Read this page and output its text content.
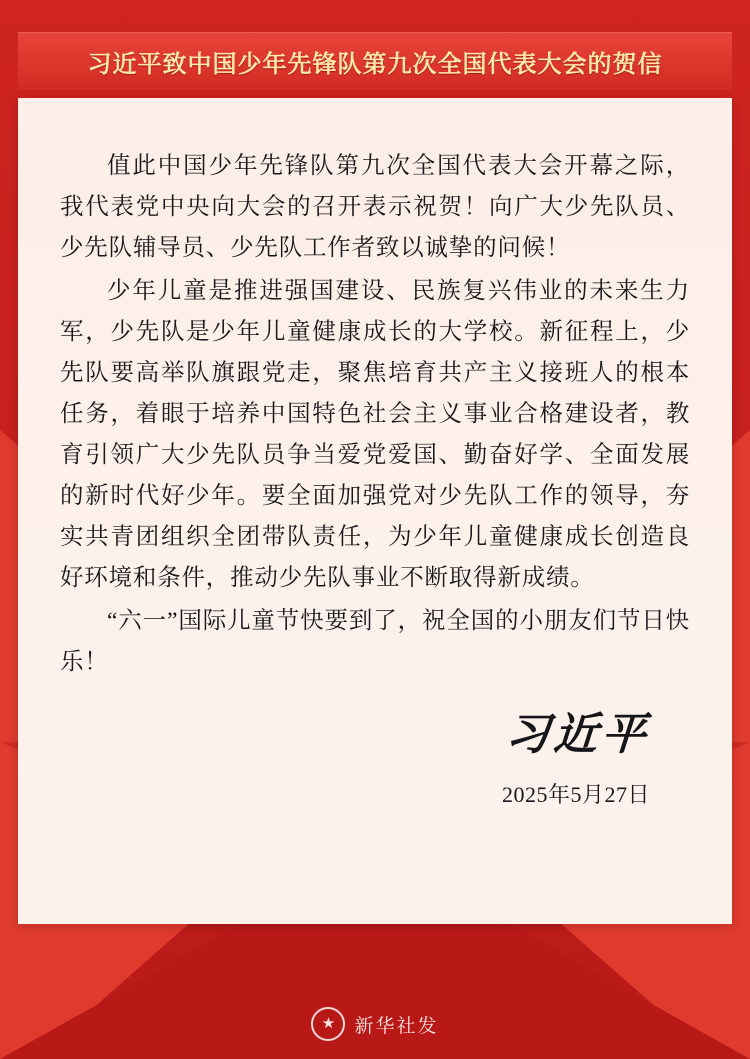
习近平致中国少年先锋队第九次全国代表大会的贺信

值此中国少年先锋队第九次全国代表大会开幕之际，我代表党中央向大会的召开表示祝贺！向广大少先队员、少先队辅导员、少先队工作者致以诚挚的问候！

少年儿童是推进强国建设、民族复兴伟业的未来生力军，少先队是少年儿童健康成长的大学校。新征程上，少先队要高举队旗跟党走，聚焦培育共产主义接班人的根本任务，着眼于培养中国特色社会主义事业合格建设者，教育引领广大少先队员争当爱党爱国、勤奋好学、全面发展的新时代好少年。要全面加强党对少先队工作的领导，夯实共青团组织全团带队责任，为少年儿童健康成长创造良好环境和条件，推动少先队事业不断取得新成绩。

“六一”国际儿童节快要到了，祝全国的小朋友们节日快乐！

习近平
2025年5月27日
★ 新华社发
